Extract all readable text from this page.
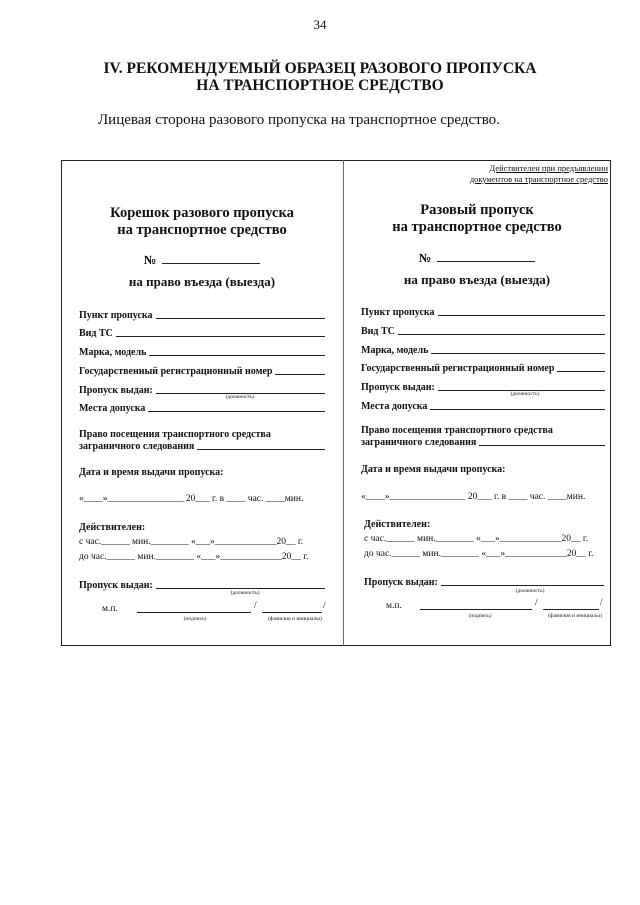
34
IV. РЕКОМЕНДУЕМЫЙ ОБРАЗЕЦ РАЗОВОГО ПРОПУСКА
НА ТРАНСПОРТНОЕ СРЕДСТВО
Лицевая сторона разового пропуска на транспортное средство.
Корешок разового пропуска
на транспортное средство
№
на право въезда (выезда)
Пункт пропуска
Вид ТС
Марка, модель
Государственный регистрационный номер
Пропуск выдан:
(должность)
Места допуска
Право посещения транспортного средства
заграничного следования
Дата и время выдачи пропуска:
«____»________________ 20___ г. в ____ час. ____мин.
Действителен:
с час.______ мин.________ «___»_____________20__ г.
до час.______ мин.________ «___»_____________20__ г.
Пропуск выдан:
(должность)
м.п.	/	/
(подпись)	(фамилия и инициалы)
Действителен при предъявлении
документов на транспортное средство
Разовый пропуск
на транспортное средство
№
на право въезда (выезда)
Пункт пропуска
Вид ТС
Марка, модель
Государственный регистрационный номер
Пропуск выдан:
(должность)
Места допуска
Право посещения транспортного средства
заграничного следования
Дата и время выдачи пропуска:
«____»________________ 20___ г. в ____ час. ____мин.
Действителен:
с час.______ мин.________ «___»_____________20__ г.
до час.______ мин.________ «___»_____________20__ г.
Пропуск выдан:
(должность)
м.п.	/	/
(подпись)	(фамилия и инициалы)
